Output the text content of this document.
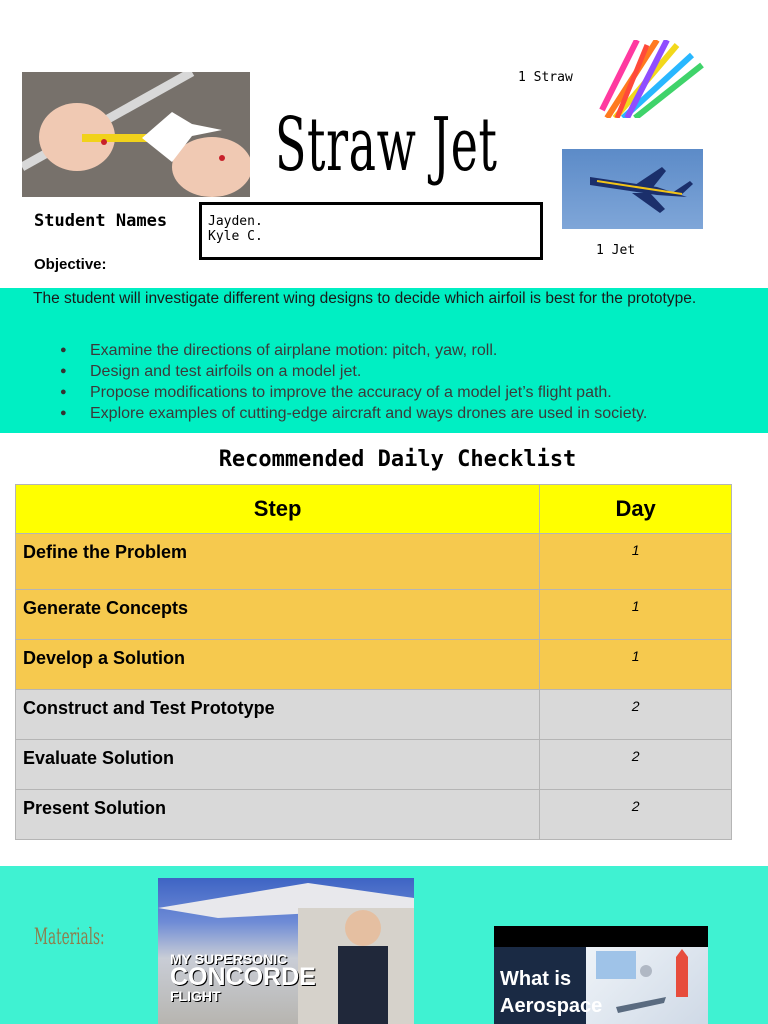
Straw Jet
1 Straw
1 Jet
Student Names	Jayden.
Kyle C.
Objective:
The student will investigate different wing designs to decide which airfoil is best for the prototype.
● Examine the directions of airplane motion: pitch, yaw, roll.
● Design and test airfoils on a model jet.
● Propose modifications to improve the accuracy of a model jet’s flight path.
● Explore examples of cutting-edge aircraft and ways drones are used in society.
Recommended Daily Checklist
Step	Day
Define the Problem	1
Generate Concepts	1
Develop a Solution	1
Construct and Test Prototype	2
Evaluate Solution	2
Present Solution	2
Materials:
MY SUPERSONIC
CONCORDE
FLIGHT
What is
Aerospace
